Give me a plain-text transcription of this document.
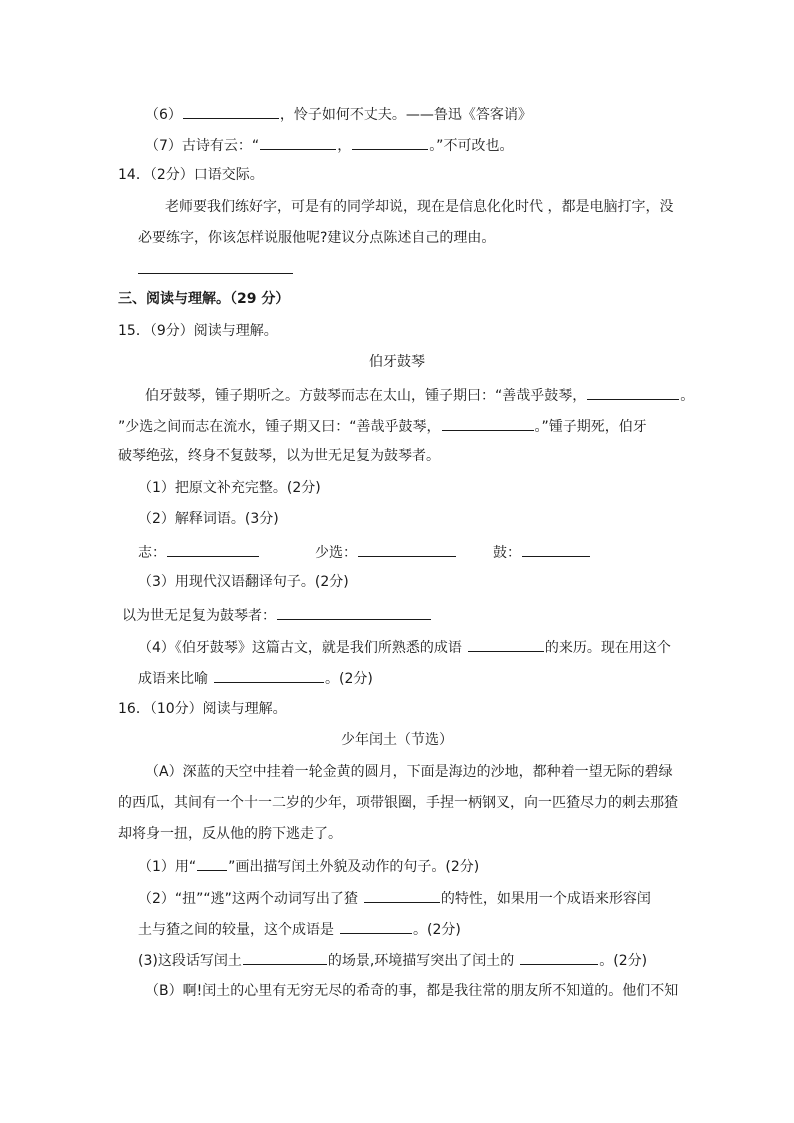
（6）	，怜子如何不丈夫。——鲁迅《答客诮》
（7）古诗有云：“	，	。”不可改也。
14．（2分）口语交际。
老师要我们练好字，可是有的同学却说，现在是信息化化时代 ，都是电脑打字，没
必要练字，你该怎样说服他呢?建议分点陈述自己的理由。
三、阅读与理解。（29 分）
15．（9分）阅读与理解。
伯牙鼓琴
伯牙鼓琴，锺子期听之。方鼓琴而志在太山，锺子期曰：“善哉乎鼓琴，	。
”少选之间而志在流水，锺子期又曰：“善哉乎鼓琴，	。”锺子期死，伯牙
破琴绝弦，终身不复鼓琴，以为世无足复为鼓琴者。
（1）把原文补充完整。(2分)
（2）解释词语。(3分)
志：	少选：	鼓：
（3）用现代汉语翻译句子。(2分)
以为世无足复为鼓琴者：
（4）《伯牙鼓琴》这篇古文，就是我们所熟悉的成语	的来历。现在用这个
成语来比喻	。(2分)
16．（10分）阅读与理解。
少年闰土（节选）
（A）深蓝的天空中挂着一轮金黄的圆月，下面是海边的沙地，都种着一望无际的碧绿
的西瓜，其间有一个十一二岁的少年，项带银圈，手捏一柄钢叉，向一匹猹尽力的刺去那猹
却将身一扭，反从他的胯下逃走了。
（1）用“ ”画出描写闰土外貌及动作的句子。(2分)
（2）“扭”“逃”这两个动词写出了猹	的特性，如果用一个成语来形容闰
土与猹之间的较量，这个成语是	。(2分)
(3)这段话写闰土	的场景,环境描写突出了闰土的	。(2分)
（B）啊!闰土的心里有无穷无尽的希奇的事，都是我往常的朋友所不知道的。他们不知
